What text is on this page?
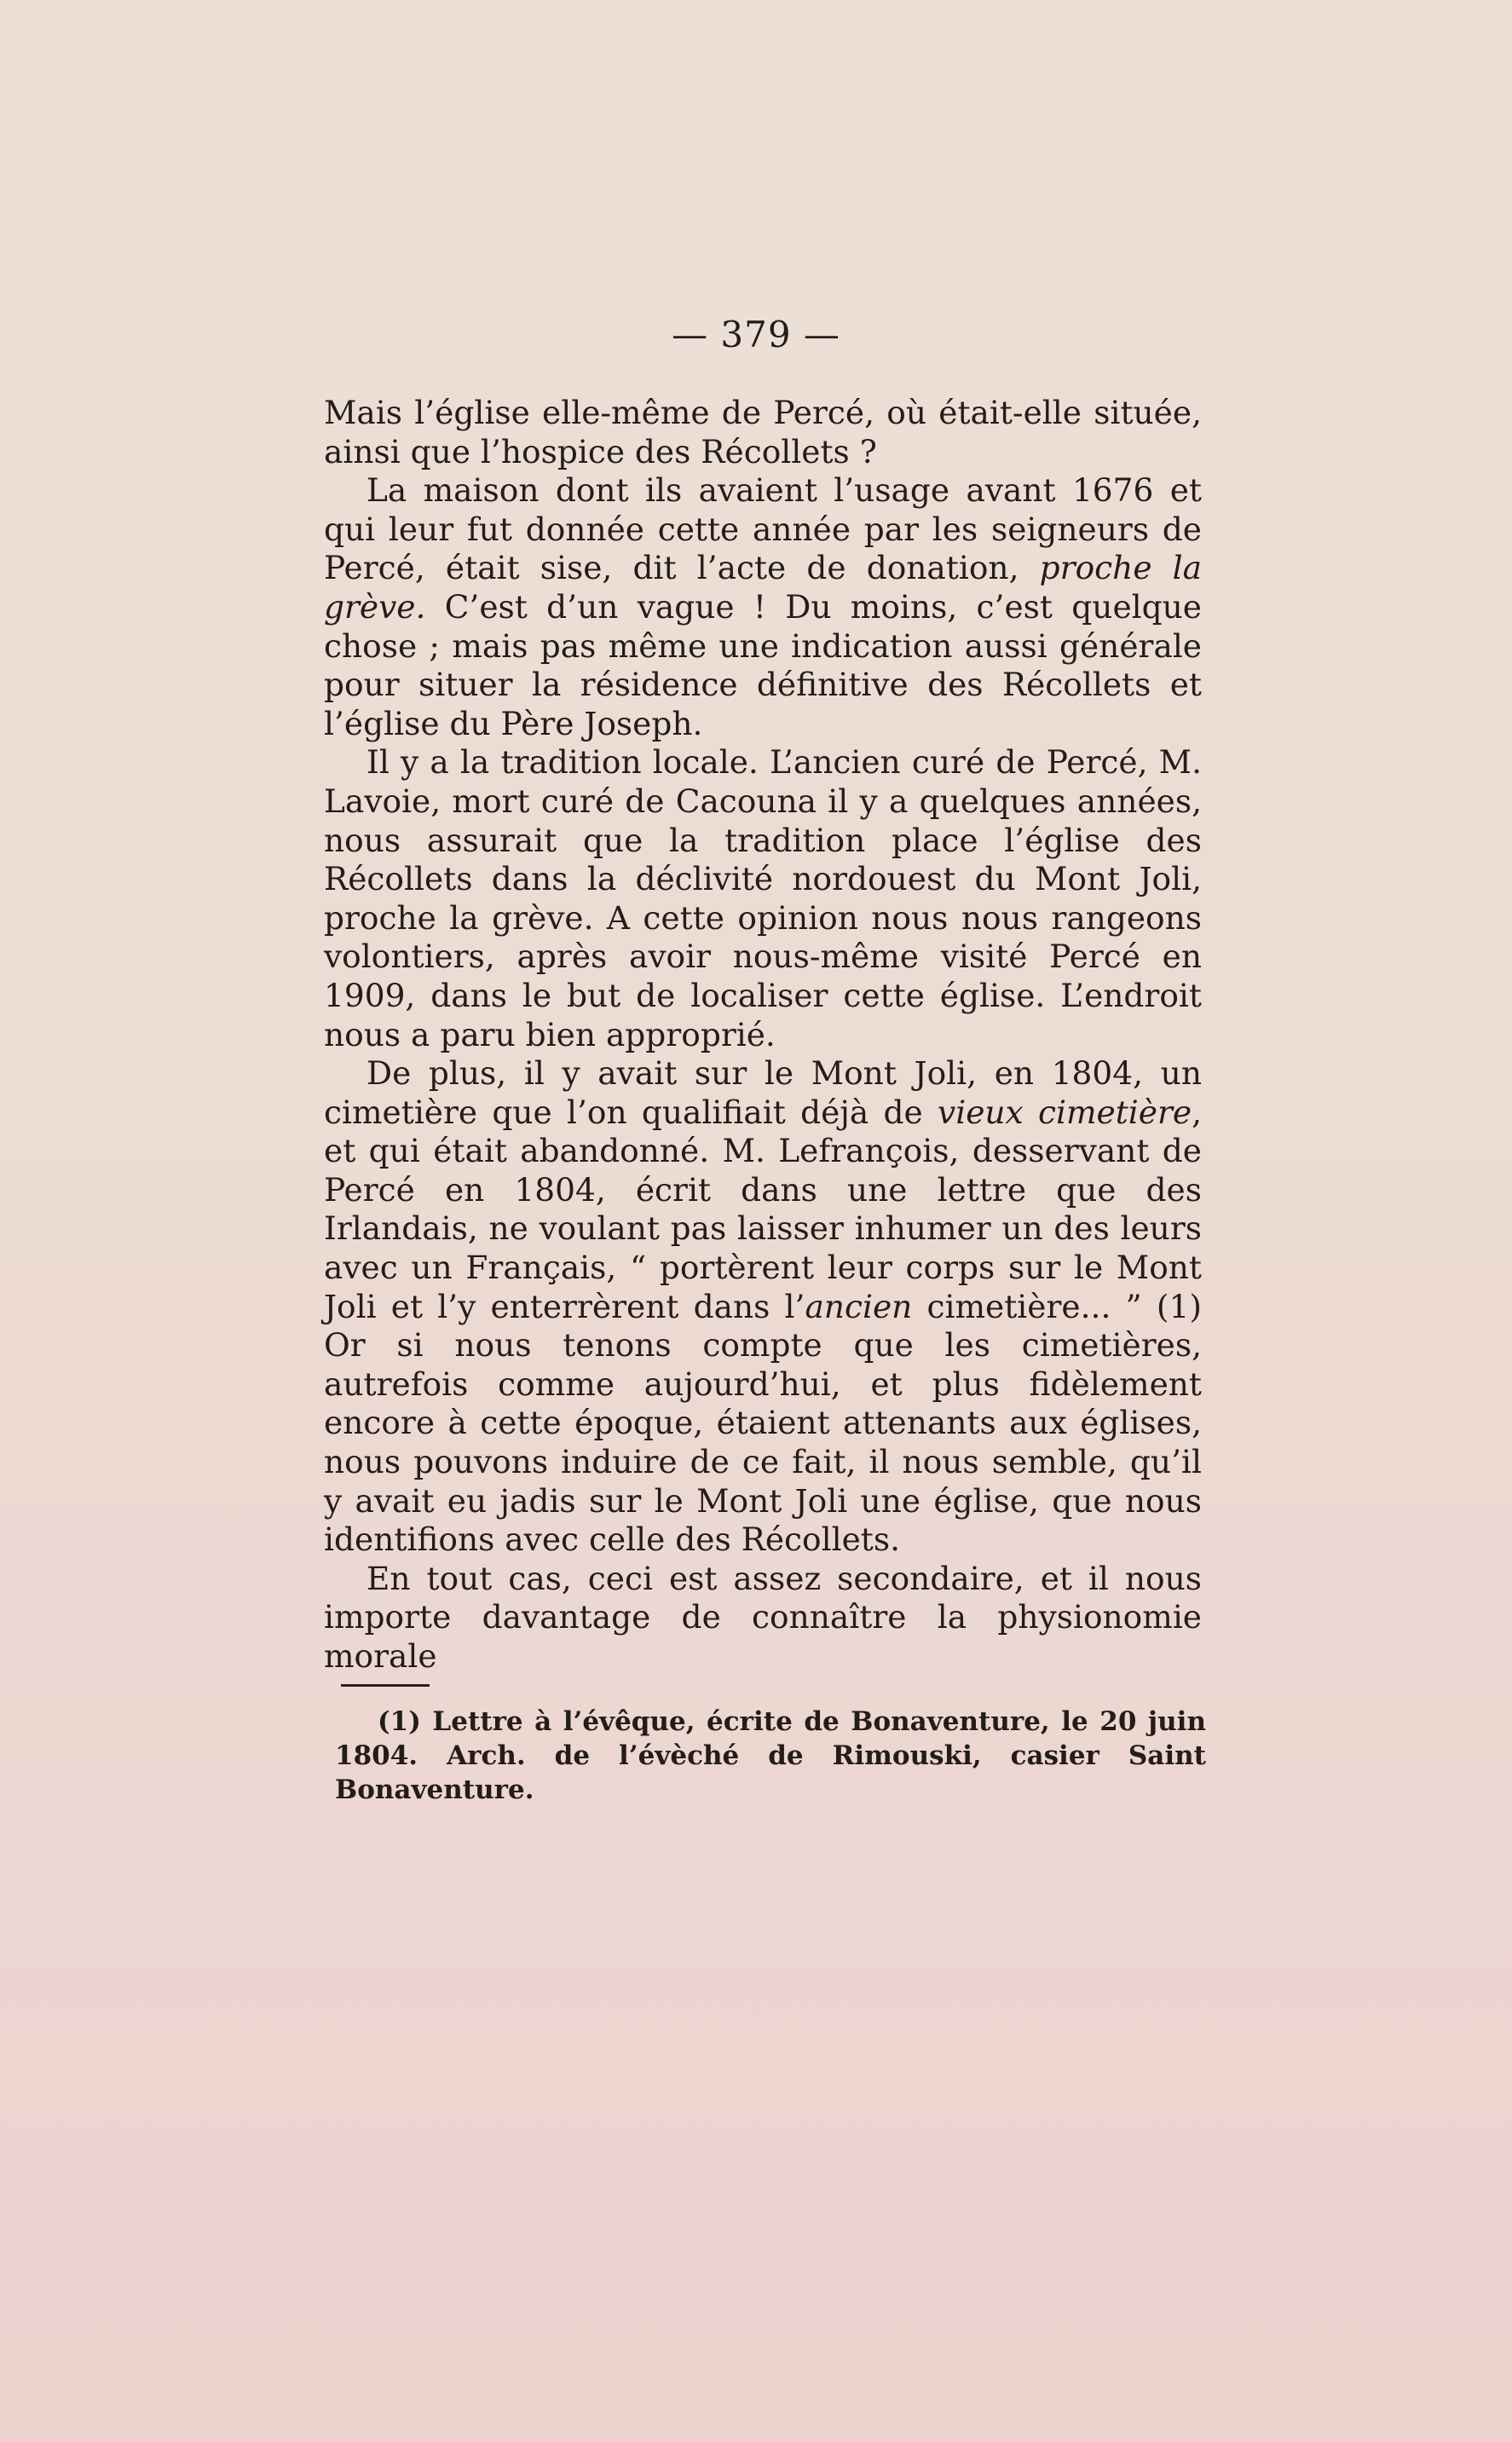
— 379 —

Mais l’église elle-même de Percé, où était-elle située, ainsi que l’hospice des Récollets ?

La maison dont ils avaient l’usage avant 1676 et qui leur fut donnée cette année par les seigneurs de Percé, était sise, dit l’acte de donation, proche la grève. C’est d’un vague ! Du moins, c’est quelque chose ; mais pas même une indication aussi générale pour situer la résidence définitive des Récollets et l’église du Père Joseph.

Il y a la tradition locale. L’ancien curé de Percé, M. Lavoie, mort curé de Cacouna il y a quelques années, nous assurait que la tradition place l’église des Récollets dans la déclivité nordouest du Mont Joli, proche la grève. A cette opinion nous nous rangeons volontiers, après avoir nous-même visité Percé en 1909, dans le but de localiser cette église. L’endroit nous a paru bien approprié.

De plus, il y avait sur le Mont Joli, en 1804, un cimetière que l’on qualifiait déjà de vieux cimetière, et qui était abandonné. M. Lefrançois, desservant de Percé en 1804, écrit dans une lettre que des Irlandais, ne voulant pas laisser inhumer un des leurs avec un Français, “ portèrent leur corps sur le Mont Joli et l’y enterrèrent dans l’ancien cimetière... ” (1) Or si nous tenons compte que les cimetières, autrefois comme aujourd’hui, et plus fidèlement encore à cette époque, étaient attenants aux églises, nous pouvons induire de ce fait, il nous semble, qu’il y avait eu jadis sur le Mont Joli une église, que nous identifions avec celle des Récollets.

En tout cas, ceci est assez secondaire, et il nous importe davantage de connaître la physionomie morale

(1) Lettre à l’évêque, écrite de Bonaventure, le 20 juin 1804. Arch. de l’évèché de Rimouski, casier Saint Bonaventure.
